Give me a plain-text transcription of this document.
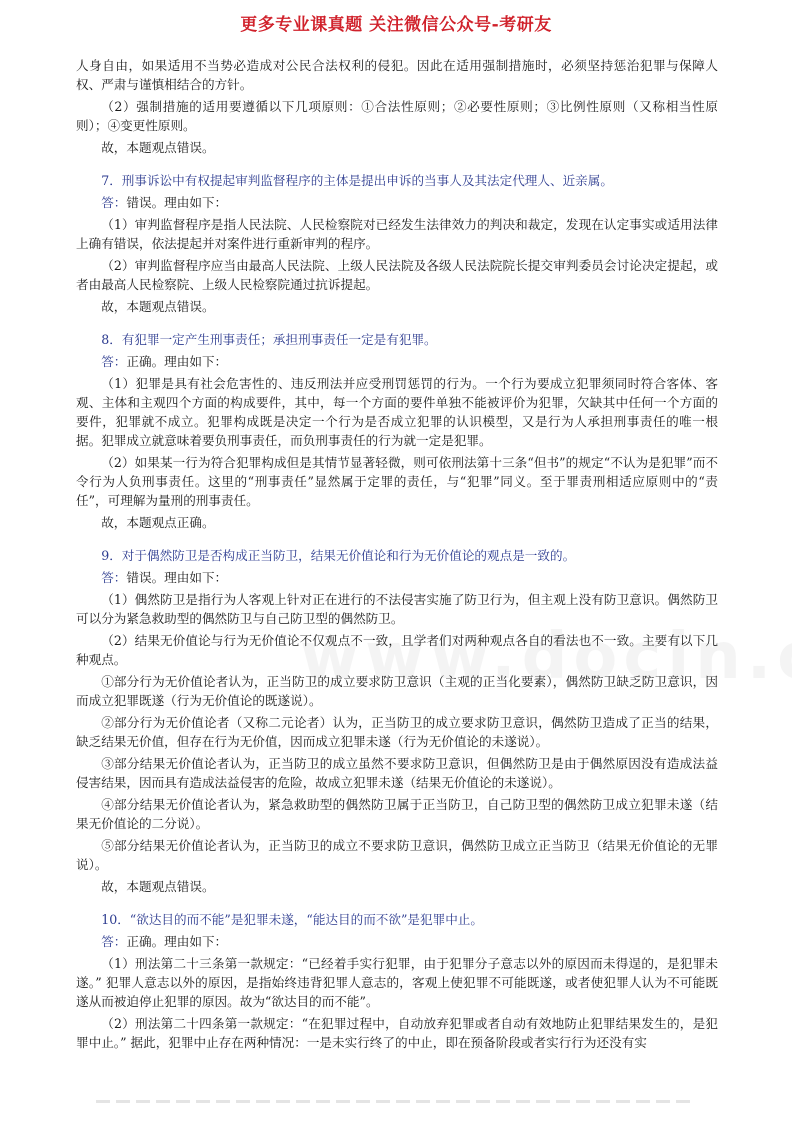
更多专业课真题 关注微信公众号-考研友

人身自由，如果适用不当势必造成对公民合法权利的侵犯。因此在适用强制措施时，必须坚持惩治犯罪与保障人权、严肃与谨慎相结合的方针。

（2）强制措施的适用要遵循以下几项原则：①合法性原则；②必要性原则；③比例性原则（又称相当性原则）；④变更性原则。

故，本题观点错误。

7．刑事诉讼中有权提起审判监督程序的主体是提出申诉的当事人及其法定代理人、近亲属。

答：错误。理由如下：

（1）审判监督程序是指人民法院、人民检察院对已经发生法律效力的判决和裁定，发现在认定事实或适用法律上确有错误，依法提起并对案件进行重新审判的程序。

（2）审判监督程序应当由最高人民法院、上级人民法院及各级人民法院院长提交审判委员会讨论决定提起，或者由最高人民检察院、上级人民检察院通过抗诉提起。

故，本题观点错误。

8．有犯罪一定产生刑事责任；承担刑事责任一定是有犯罪。

答：正确。理由如下：

（1）犯罪是具有社会危害性的、违反刑法并应受刑罚惩罚的行为。一个行为要成立犯罪须同时符合客体、客观、主体和主观四个方面的构成要件，其中，每一个方面的要件单独不能被评价为犯罪，欠缺其中任何一个方面的要件，犯罪就不成立。犯罪构成既是决定一个行为是否成立犯罪的认识模型，又是行为人承担刑事责任的唯一根据。犯罪成立就意味着要负刑事责任，而负刑事责任的行为就一定是犯罪。

（2）如果某一行为符合犯罪构成但是其情节显著轻微，则可依刑法第十三条“但书”的规定“不认为是犯罪”而不令行为人负刑事责任。这里的“刑事责任”显然属于定罪的责任，与“犯罪”同义。至于罪责刑相适应原则中的“责任”，可理解为量刑的刑事责任。

故，本题观点正确。

9．对于偶然防卫是否构成正当防卫，结果无价值论和行为无价值论的观点是一致的。

答：错误。理由如下：

（1）偶然防卫是指行为人客观上针对正在进行的不法侵害实施了防卫行为，但主观上没有防卫意识。偶然防卫可以分为紧急救助型的偶然防卫与自己防卫型的偶然防卫。

（2）结果无价值论与行为无价值论不仅观点不一致，且学者们对两种观点各自的看法也不一致。主要有以下几种观点。

①部分行为无价值论者认为，正当防卫的成立要求防卫意识（主观的正当化要素），偶然防卫缺乏防卫意识，因而成立犯罪既遂（行为无价值论的既遂说）。

②部分行为无价值论者（又称二元论者）认为，正当防卫的成立要求防卫意识，偶然防卫造成了正当的结果，缺乏结果无价值，但存在行为无价值，因而成立犯罪未遂（行为无价值论的未遂说）。

③部分结果无价值论者认为，正当防卫的成立虽然不要求防卫意识，但偶然防卫是由于偶然原因没有造成法益侵害结果，因而具有造成法益侵害的危险，故成立犯罪未遂（结果无价值论的未遂说）。

④部分结果无价值论者认为，紧急救助型的偶然防卫属于正当防卫，自己防卫型的偶然防卫成立犯罪未遂（结果无价值论的二分说）。

⑤部分结果无价值论者认为，正当防卫的成立不要求防卫意识，偶然防卫成立正当防卫（结果无价值论的无罪说）。

故，本题观点错误。

10．“欲达目的而不能”是犯罪未遂，“能达目的而不欲”是犯罪中止。

答：正确。理由如下：

（1）刑法第二十三条第一款规定：“已经着手实行犯罪，由于犯罪分子意志以外的原因而未得逞的，是犯罪未遂。” 犯罪人意志以外的原因，是指始终违背犯罪人意志的，客观上使犯罪不可能既遂，或者使犯罪人认为不可能既遂从而被迫停止犯罪的原因。故为“欲达目的而不能”。

（2）刑法第二十四条第一款规定：“在犯罪过程中，自动放弃犯罪或者自动有效地防止犯罪结果发生的，是犯罪中止。” 据此，犯罪中止存在两种情况：一是未实行终了的中止，即在预备阶段或者实行行为还没有实
